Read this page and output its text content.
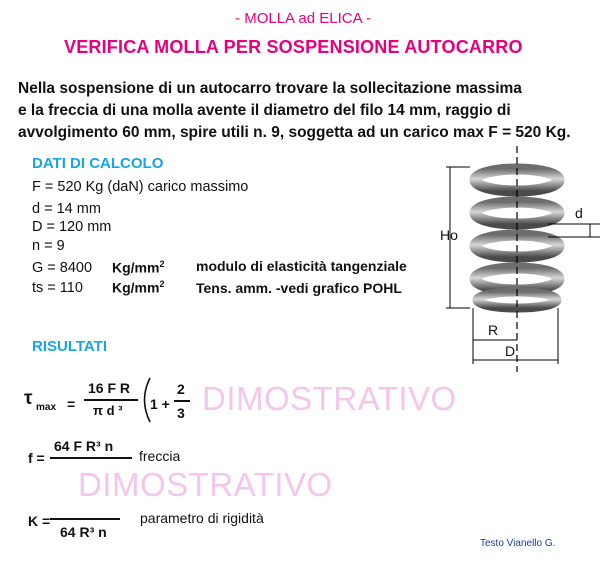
- MOLLA ad ELICA -
VERIFICA MOLLA PER SOSPENSIONE AUTOCARRO
Nella sospensione di un autocarro trovare la sollecitazione massima
e la freccia di una molla avente il diametro del filo 14 mm, raggio di
avvolgimento 60 mm, spire utili n. 9, soggetta ad un carico max F = 520 Kg.
DATI DI CALCOLO
F = 520 Kg (daN) carico massimo
d = 14 mm
D = 120 mm
n = 9
G = 8400 $Kg/mm^2$ modulo di elasticità tangenziale
ts = 110 $Kg/mm^2$ Tens. amm. -vedi grafico POHL
Ho
d
R
D
RISULTATI
τ max =
16 F R
π d ³ 1 +
2
3 DIMOSTRATIVO
DIMOSTRATIVO
f =
64 F R³ n
freccia
K =
64 R³ n
parametro di rigidità
Testo Vianello G.
